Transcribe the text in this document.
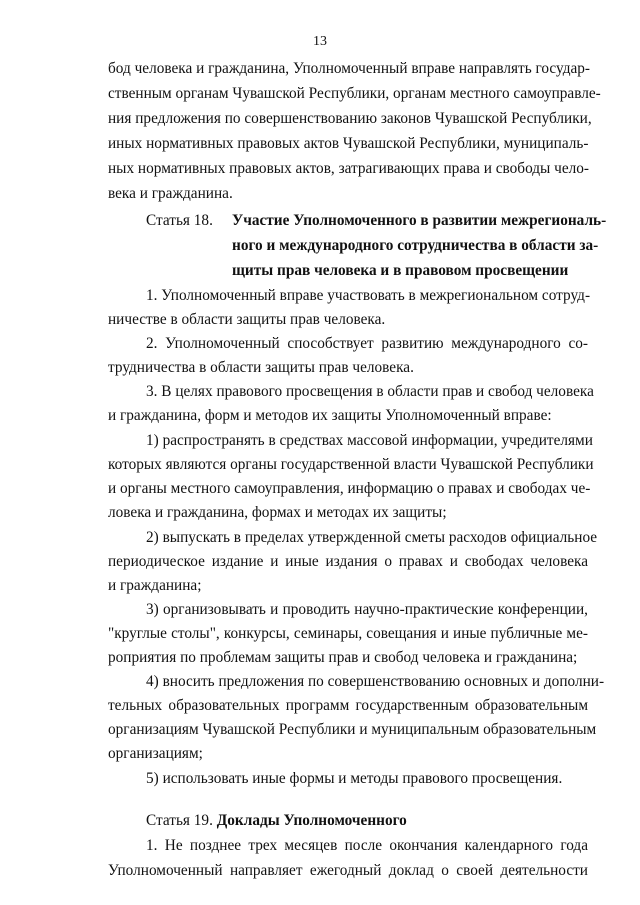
13
бод человека и гражданина, Уполномоченный вправе направлять государ-
ственным органам Чувашской Республики, органам местного самоуправле-
ния предложения по совершенствованию законов Чувашской Республики,
иных нормативных правовых актов Чувашской Республики, муниципаль-
ных нормативных правовых актов, затрагивающих права и свободы чело-
века и гражданина.
Статья 18. Участие Уполномоченного в развитии межрегиональ-
ного и международного сотрудничества в области за-
щиты прав человека и в правовом просвещении
1. Уполномоченный вправе участвовать в межрегиональном сотруд-
ничестве в области защиты прав человека.
2. Уполномоченный способствует развитию международного со-
трудничества в области защиты прав человека.
3. В целях правового просвещения в области прав и свобод человека
и гражданина, форм и методов их защиты Уполномоченный вправе:
1) распространять в средствах массовой информации, учредителями
которых являются органы государственной власти Чувашской Республики
и органы местного самоуправления, информацию о правах и свободах че-
ловека и гражданина, формах и методах их защиты;
2) выпускать в пределах утвержденной сметы расходов официальное
периодическое издание и иные издания о правах и свободах человека
и гражданина;
3) организовывать и проводить научно-практические конференции,
"круглые столы", конкурсы, семинары, совещания и иные публичные ме-
роприятия по проблемам защиты прав и свобод человека и гражданина;
4) вносить предложения по совершенствованию основных и дополни-
тельных образовательных программ государственным образовательным
организациям Чувашской Республики и муниципальным образовательным
организациям;
5) использовать иные формы и методы правового просвещения.
Статья 19. Доклады Уполномоченного
1. Не позднее трех месяцев после окончания календарного года
Уполномоченный направляет ежегодный доклад о своей деятельности
